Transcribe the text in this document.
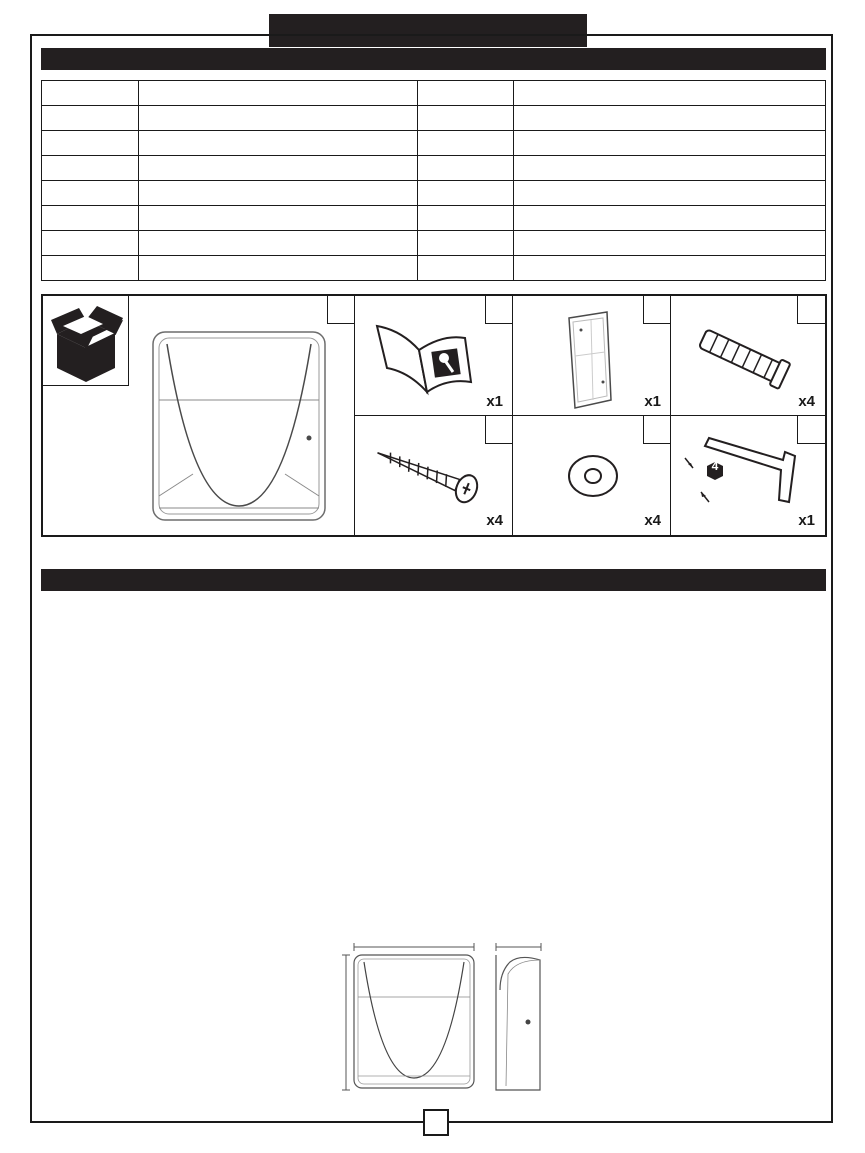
x1	x1	x4
x4	x4
4
x1
